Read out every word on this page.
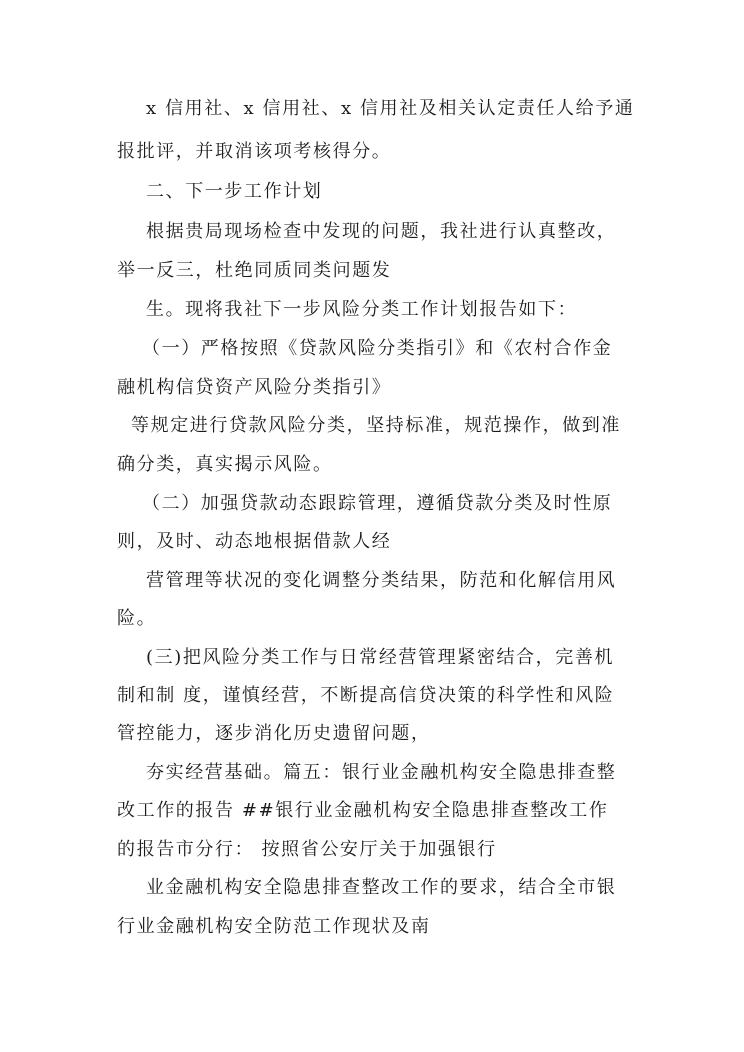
x 信用社、x 信用社、x 信用社及相关认定责任人给予通
报批评，并取消该项考核得分。
二、下一步工作计划
根据贵局现场检查中发现的问题，我社进行认真整改，
举一反三，杜绝同质同类问题发
生。现将我社下一步风险分类工作计划报告如下：
（一）严格按照《贷款风险分类指引》和《农村合作金
融机构信贷资产风险分类指引》
等规定进行贷款风险分类，坚持标准，规范操作，做到准
确分类，真实揭示风险。
（二）加强贷款动态跟踪管理，遵循贷款分类及时性原
则，及时、动态地根据借款人经
营管理等状况的变化调整分类结果，防范和化解信用风
险。
(三)把风险分类工作与日常经营管理紧密结合，完善机
制和制 度，谨慎经营，不断提高信贷决策的科学性和风险
管控能力，逐步消化历史遗留问题，
夯实经营基础。篇五：银行业金融机构安全隐患排查整
改工作的报告 ##银行业金融机构安全隐患排查整改工作
的报告市分行： 按照省公安厅关于加强银行
业金融机构安全隐患排查整改工作的要求，结合全市银
行业金融机构安全防范工作现状及南
